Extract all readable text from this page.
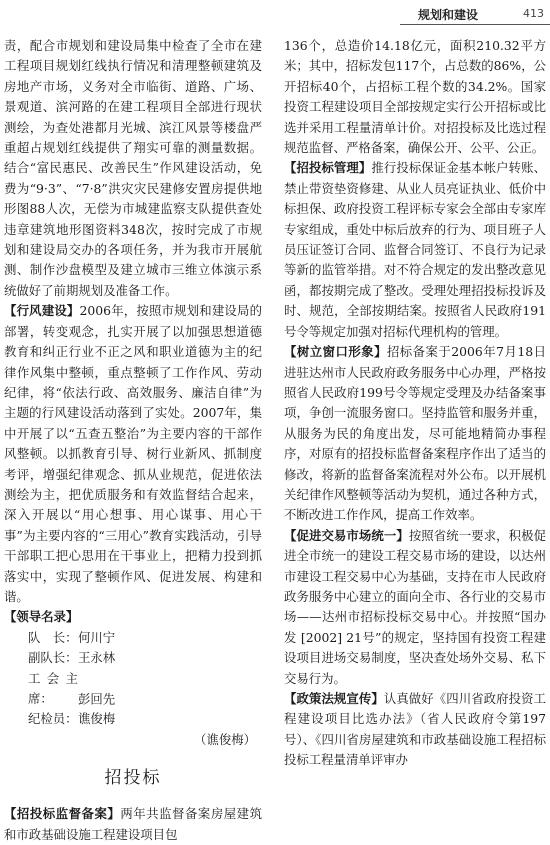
规划和建设	413

责，配合市规划和建设局集中检查了全市在建工程项目规划红线执行情况和清理整顿建筑及房地产市场，义务对全市临街、道路、广场、景观道、滨河路的在建工程项目全部进行现状测绘，为查处港都月光城、滨江风景等楼盘严重超占规划红线提供了翔实可靠的测量数据。结合“富民惠民、改善民生”作风建设活动，免费为“9·3”、“7·8”洪灾灾民建修安置房提供地形图88人次，无偿为市城建监察支队提供查处违章建筑地形图资料348次，按时完成了市规划和建设局交办的各项任务，并为我市开展航测、制作沙盘模型及建立城市三维立体演示系统做好了前期规划及准备工作。

【行风建设】2006年，按照市规划和建设局的部署，转变观念，扎实开展了以加强思想道德教育和纠正行业不正之风和职业道德为主的纪律作风集中整顿，重点整顿了工作作风、劳动纪律，将“依法行政、高效服务、廉洁自律”为主题的行风建设活动落到了实处。2007年，集中开展了以“五查五整治”为主要内容的干部作风整顿。以抓教育引导、树行业新风、抓制度考评，增强纪律观念、抓从业规范，促进依法测绘为主，把优质服务和有效监督结合起来，深入开展以“用心想事、用心谋事、用心干事”为主要内容的“三用心”教育实践活动，引导干部职工把心思用在干事业上，把精力投到抓落实中，实现了整顿作风、促进发展、构建和谐。

【领导名录】

队　长：何川宁

副队长：王永林

工会主席： 彭回先

纪检员：谯俊梅

（谯俊梅）

招投标

【招投标监督备案】两年共监督备案房屋建筑和市政基础设施工程建设项目包

136个，总造价14.18亿元，面积210.32平方米；其中，招标发包117个，占总数的86%，公开招标40个，占招标工程个数的34.2%。国家投资工程建设项目全部按规定实行公开招标或比选并采用工程量清单计价。对招投标及比选过程规范监督、严格备案，确保公开、公平、公正。

【招投标管理】推行投标保证金基本帐户转账、禁止带资垫资修建、从业人员亮证执业、低价中标担保、政府投资工程评标专家会全部由专家库专家组成，重处中标后放弃的行为、项目班子人员压证签订合同、监督合同签订、不良行为记录等新的监管举措。对不符合规定的发出整改意见函，都按期完成了整改。受理处理招投标投诉及时、规范，全部按期结案。按照省人民政府191号令等规定加强对招标代理机构的管理。

【树立窗口形象】招标备案于2006年7月18日进驻达州市人民政府政务服务中心办理，严格按照省人民政府199号令等规定受理及办结备案事项，争创一流服务窗口。坚持监管和服务并重，从服务为民的角度出发，尽可能地精简办事程序，对原有的招投标监督备案程序作出了适当的修改，将新的监督备案流程对外公布。以开展机关纪律作风整顿等活动为契机，通过各种方式，不断改进工作作风，提高工作效率。

【促进交易市场统一】按照省统一要求，积极促进全市统一的建设工程交易市场的建设，以达州市建设工程交易中心为基础，支持在市人民政府政务服务中心建立的面向全市、各行业的交易市场——达州市招标投标交易中心。并按照“国办发 [2002] 21号”的规定，坚持国有投资工程建设项目进场交易制度，坚决查处场外交易、私下交易行为。

【政策法规宣传】认真做好《四川省政府投资工程建设项目比选办法》（省人民政府令第197号）、《四川省房屋建筑和市政基础设施工程招标投标工程量清单评审办
